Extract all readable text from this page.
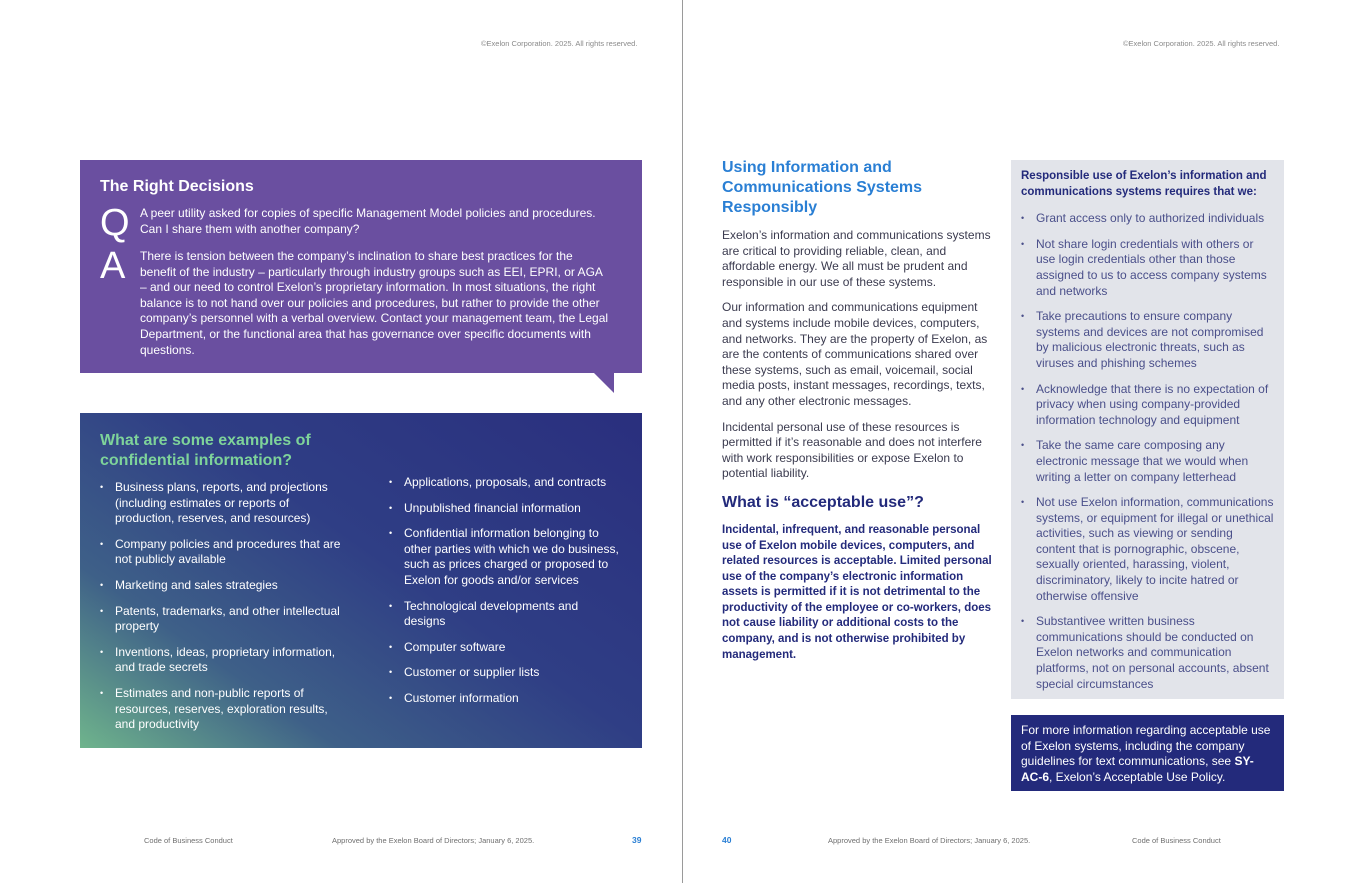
©Exelon Corporation. 2025. All rights reserved.
The Right Decisions
Q A peer utility asked for copies of specific Management Model policies and procedures. Can I share them with another company?
A	There is tension between the company’s inclination to share best practices for the benefit of the industry – particularly through industry groups such as EEI, EPRI, or AGA – and our need to control Exelon’s proprietary information. In most situations, the right balance is to not hand over our policies and procedures, but rather to provide the other company’s personnel with a verbal overview. Contact your management team, the Legal Department, or the functional area that has governance over specific documents with questions.
What are some examples of confidential information?
• Business plans, reports, and projections (including estimates or reports of production, reserves, and resources)
• Company policies and procedures that are not publicly available
• Marketing and sales strategies
• Patents, trademarks, and other intellectual property
• Inventions, ideas, proprietary information, and trade secrets
• Estimates and non-public reports of resources, reserves, exploration results, and productivity
• Applications, proposals, and contracts
• Unpublished financial information
• Confidential information belonging to other parties with which we do business, such as prices charged or proposed to Exelon for goods and/or services
• Technological developments and designs
• Computer software
• Customer or supplier lists
• Customer information
Code of Business Conduct	Approved by the Exelon Board of Directors; January 6, 2025.	39
©Exelon Corporation. 2025. All rights reserved.
Using Information and Communications Systems Responsibly

Exelon’s information and communications systems are critical to providing reliable, clean, and affordable energy. We all must be prudent and responsible in our use of these systems.

Our information and communications equipment and systems include mobile devices, computers, and networks. They are the property of Exelon, as are the contents of communications shared over these systems, such as email, voicemail, social media posts, instant messages, recordings, texts, and any other electronic messages.

Incidental personal use of these resources is permitted if it’s reasonable and does not interfere with work responsibilities or expose Exelon to potential liability.

What is “acceptable use”?

Incidental, infrequent, and reasonable personal use of Exelon mobile devices, computers, and related resources is acceptable. Limited personal use of the company’s electronic information assets is permitted if it is not detrimental to the productivity of the employee or co-workers, does not cause liability or additional costs to the company, and is not otherwise prohibited by management.

Responsible use of Exelon’s information and communications systems requires that we:
• Grant access only to authorized individuals
• Not share login credentials with others or use login credentials other than those assigned to us to access company systems and networks
• Take precautions to ensure company systems and devices are not compromised by malicious electronic threats, such as viruses and phishing schemes
• Acknowledge that there is no expectation of privacy when using company-provided information technology and equipment
• Take the same care composing any electronic message that we would when writing a letter on company letterhead
• Not use Exelon information, communications systems, or equipment for illegal or unethical activities, such as viewing or sending content that is pornographic, obscene, sexually oriented, harassing, violent, discriminatory, likely to incite hatred or otherwise offensive
• Substantivee written business communications should be conducted on Exelon networks and communication platforms, not on personal accounts, absent special circumstances
For more information regarding acceptable use of Exelon systems, including the company guidelines for text communications, see SY-AC-6, Exelon’s Acceptable Use Policy.
40	Approved by the Exelon Board of Directors; January 6, 2025.	Code of Business Conduct
